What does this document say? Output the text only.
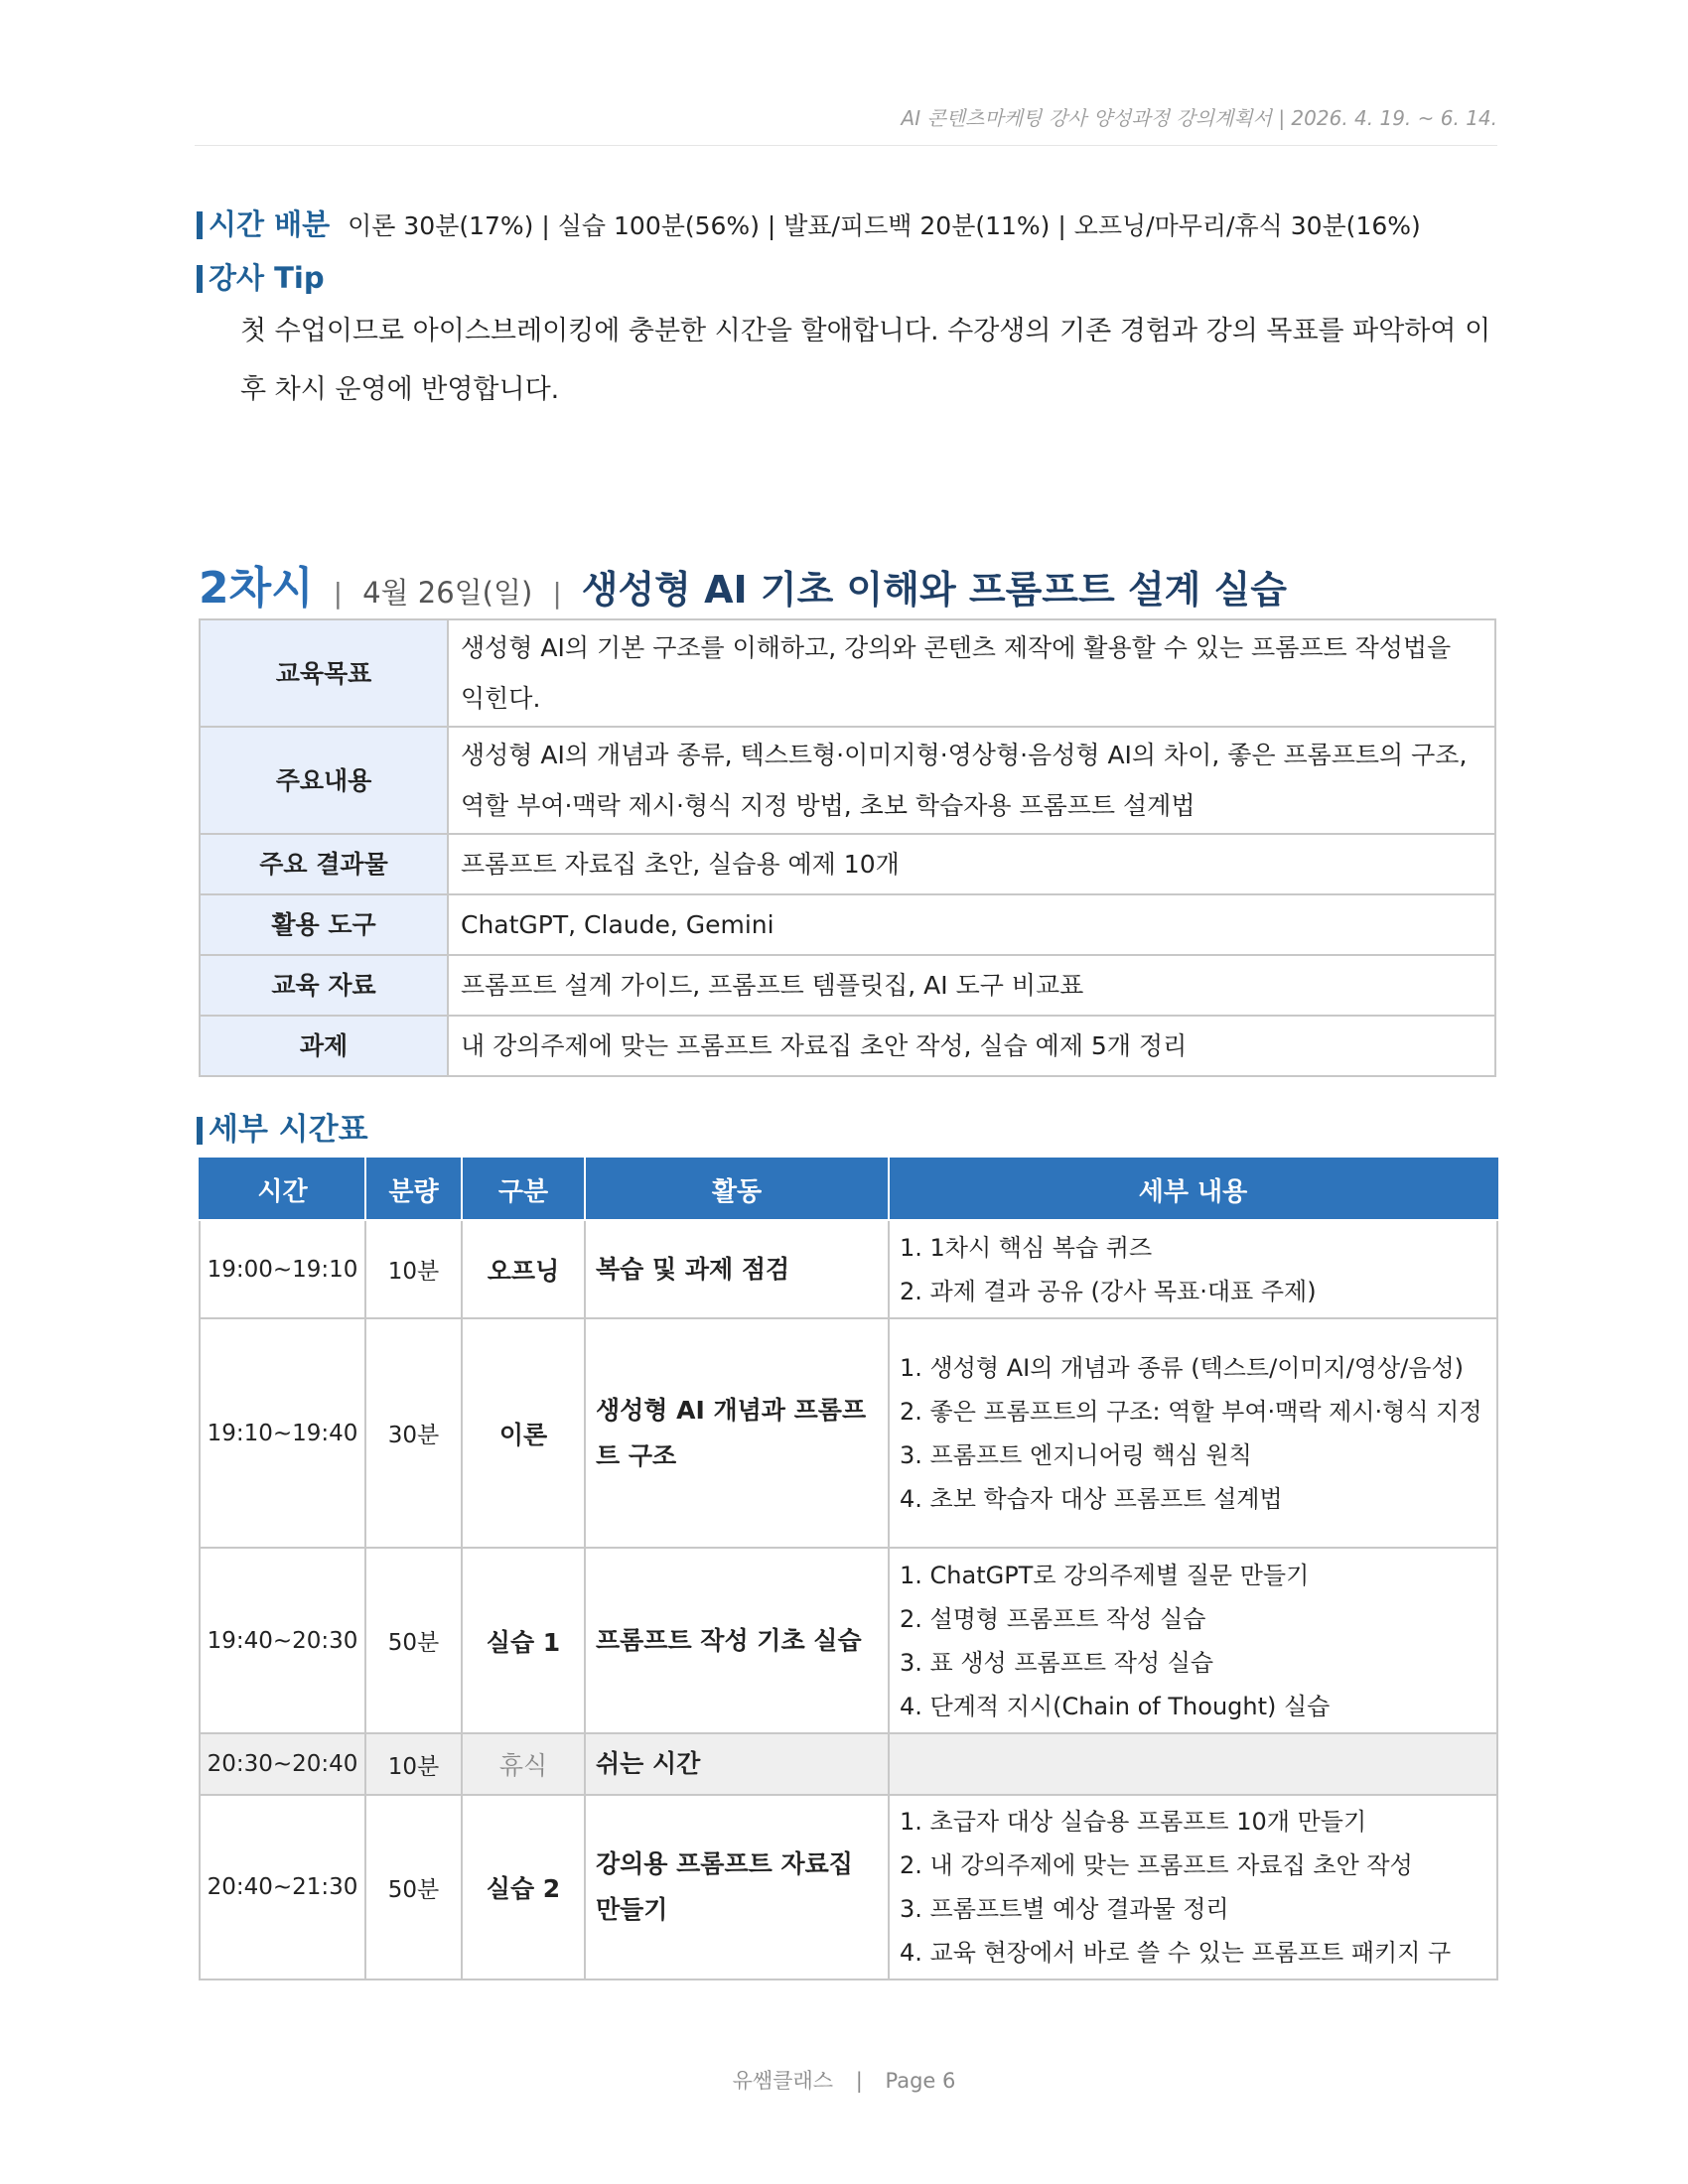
AI 콘텐츠마케팅 강사 양성과정 강의계획서 | 2026. 4. 19. ~ 6. 14.
시간 배분 이론 30분(17%) | 실습 100분(56%) | 발표/피드백 20분(11%) | 오프닝/마무리/휴식 30분(16%)
강사 Tip
첫 수업이므로 아이스브레이킹에 충분한 시간을 할애합니다. 수강생의 기존 경험과 강의 목표를 파악하여 이후 차시 운영에 반영합니다.
2차시 | 4월 26일(일) | 생성형 AI 기초 이해와 프롬프트 설계 실습
교육목표	생성형 AI의 기본 구조를 이해하고, 강의와 콘텐츠 제작에 활용할 수 있는 프롬프트 작성법을 익힌다.
주요내용	생성형 AI의 개념과 종류, 텍스트형·이미지형·영상형·음성형 AI의 차이, 좋은 프롬프트의 구조, 역할 부여·맥락 제시·형식 지정 방법, 초보 학습자용 프롬프트 설계법
주요 결과물	프롬프트 자료집 초안, 실습용 예제 10개
활용 도구	ChatGPT, Claude, Gemini
교육 자료	프롬프트 설계 가이드, 프롬프트 템플릿집, AI 도구 비교표
과제	내 강의주제에 맞는 프롬프트 자료집 초안 작성, 실습 예제 5개 정리
세부 시간표
시간	분량	구분	활동	세부 내용
19:00~19:10	10분	오프닝	복습 및 과제 점검	1. 1차시 핵심 복습 퀴즈
2. 과제 결과 공유 (강사 목표·대표 주제)

19:10~19:40	30분	이론	생성형 AI 개념과 프롬프트 구조	1. 생성형 AI의 개념과 종류 (텍스트/이미지/영상/음성)
2. 좋은 프롬프트의 구조: 역할 부여·맥락 제시·형식 지정
3. 프롬프트 엔지니어링 핵심 원칙
4. 초보 학습자 대상 프롬프트 설계법

19:40~20:30	50분	실습 1	프롬프트 작성 기초 실습	1. ChatGPT로 강의주제별 질문 만들기
2. 설명형 프롬프트 작성 실습
3. 표 생성 프롬프트 작성 실습
4. 단계적 지시(Chain of Thought) 실습

20:30~20:40	10분	휴식	쉬는 시간	
20:40~21:30	50분	실습 2	강의용 프롬프트 자료집 만들기	1. 초급자 대상 실습용 프롬프트 10개 만들기
2. 내 강의주제에 맞는 프롬프트 자료집 초안 작성
3. 프롬프트별 예상 결과물 정리
4. 교육 현장에서 바로 쓸 수 있는 프롬프트 패키지 구
유쌤클래스 | Page 6
